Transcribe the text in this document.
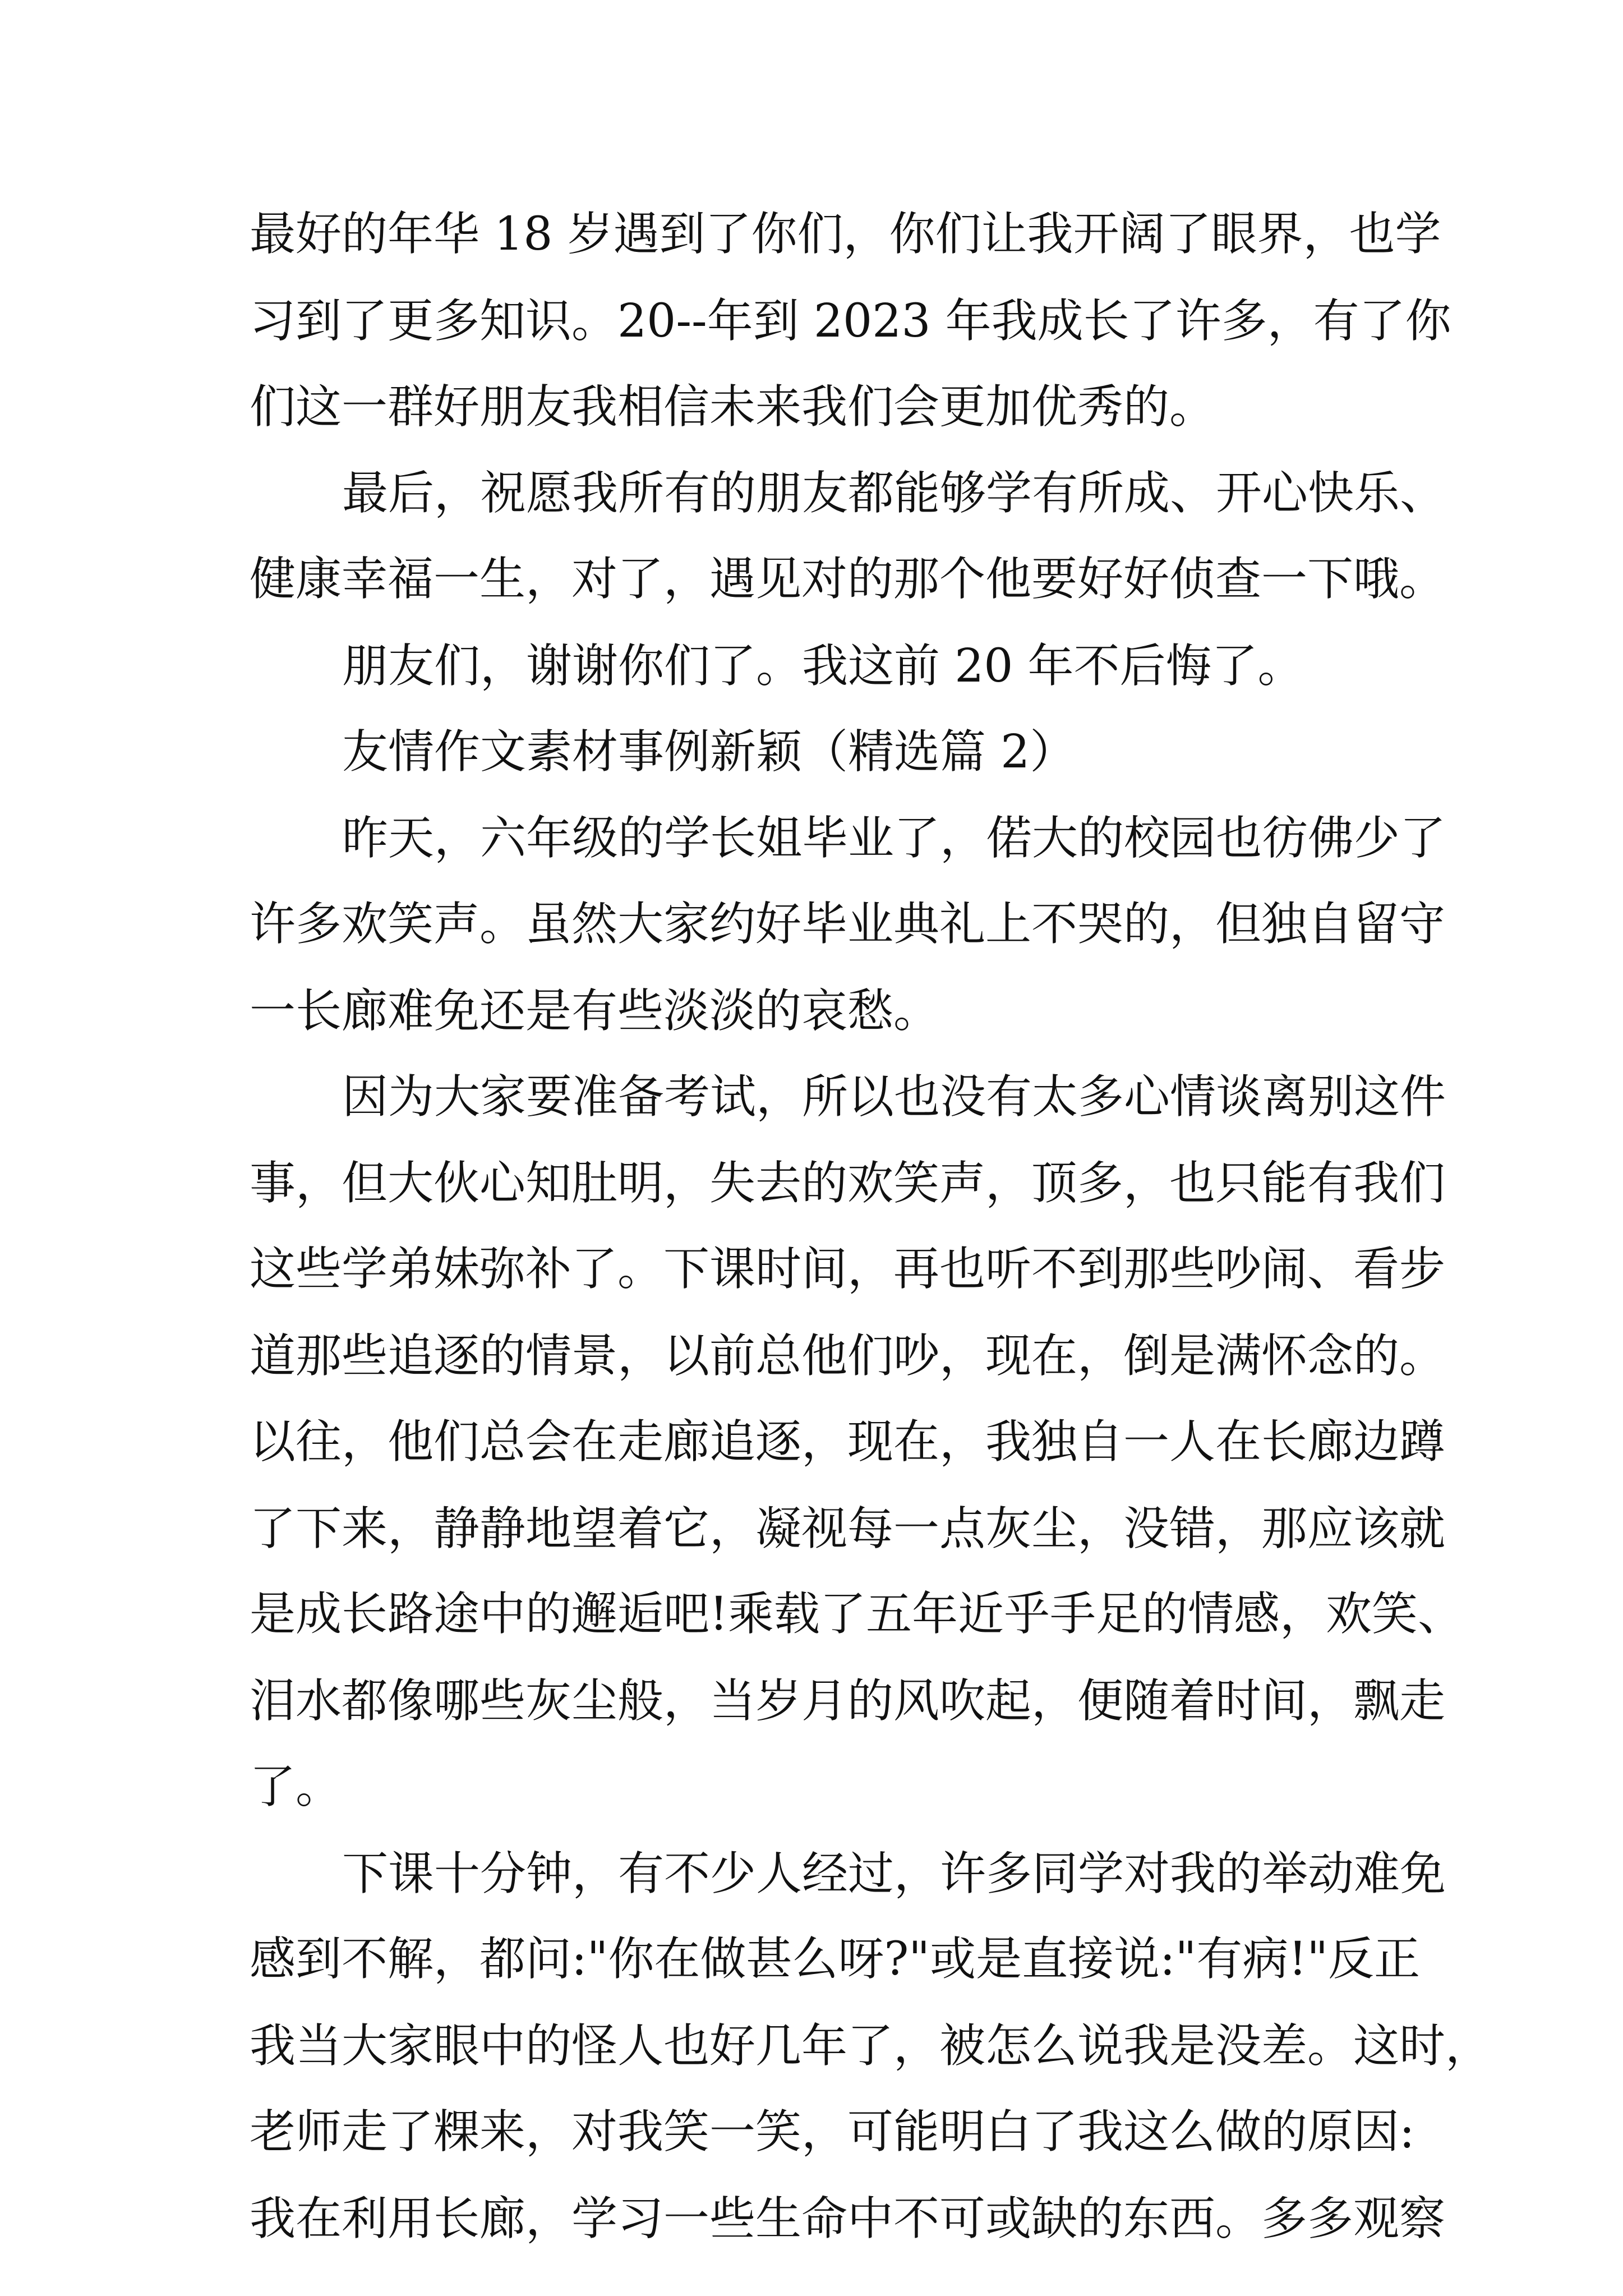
最好的年华 18 岁遇到了你们，你们让我开阔了眼界，也学

习到了更多知识。20--年到 2023 年我成长了许多，有了你

们这一群好朋友我相信未来我们会更加优秀的。

最后，祝愿我所有的朋友都能够学有所成、开心快乐、

健康幸福一生，对了，遇见对的那个他要好好侦查一下哦。

朋友们，谢谢你们了。我这前 20 年不后悔了。

友情作文素材事例新颖（精选篇 2）

昨天，六年级的学长姐毕业了，偌大的校园也彷佛少了

许多欢笑声。虽然大家约好毕业典礼上不哭的，但独自留守

一长廊难免还是有些淡淡的哀愁。

因为大家要准备考试，所以也没有太多心情谈离别这件

事，但大伙心知肚明，失去的欢笑声，顶多，也只能有我们

这些学弟妹弥补了。下课时间，再也听不到那些吵闹、看步

道那些追逐的情景，以前总他们吵，现在，倒是满怀念的。

以往，他们总会在走廊追逐，现在，我独自一人在长廊边蹲

了下来，静静地望着它，凝视每一点灰尘，没错，那应该就

是成长路途中的邂逅吧!乘载了五年近乎手足的情感，欢笑、

泪水都像哪些灰尘般，当岁月的风吹起，便随着时间，飘走

了。

下课十分钟，有不少人经过，许多同学对我的举动难免

感到不解，都问:"你在做甚么呀?"或是直接说:"有病!"反正

我当大家眼中的怪人也好几年了，被怎么说我是没差。这时，

老师走了粿来，对我笑一笑，可能明白了我这么做的原因:

我在利用长廊，学习一些生命中不可或缺的东西。多多观察
